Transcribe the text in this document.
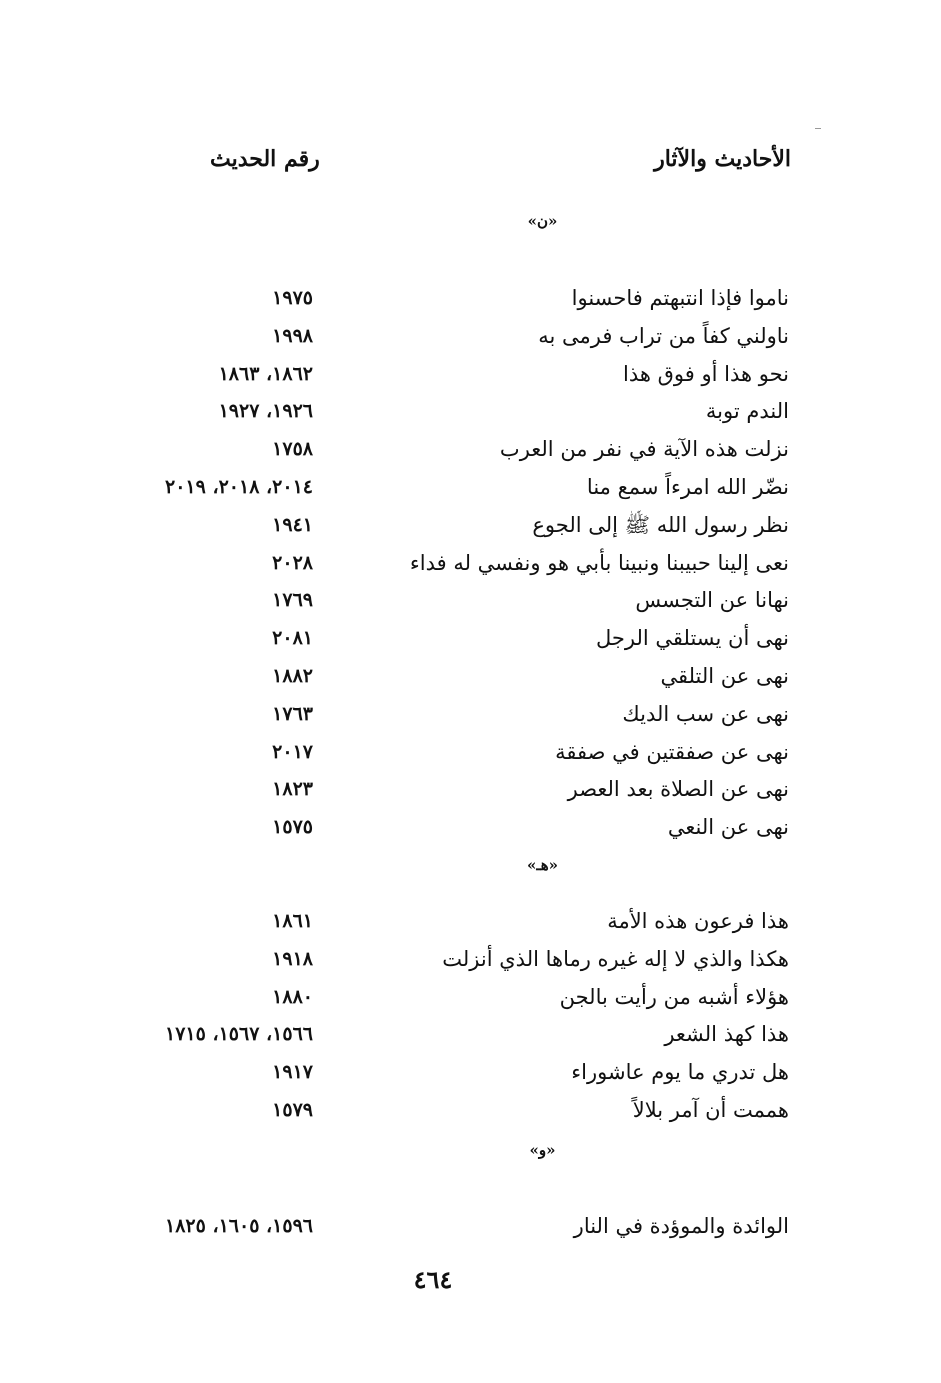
الأحاديث والآثار
رقم الحديث
«ن»
ناموا فإذا انتبهتم فاحسنوا
١٩٧٥
ناولني كفاً من تراب فرمى به
١٩٩٨
نحو هذا أو فوق هذا
١٨٦٢، ١٨٦٣
الندم توبة
١٩٢٦، ١٩٢٧
نزلت هذه الآية في نفر من العرب
١٧٥٨
نضّر الله امرءاً سمع منا
٢٠١٤، ٢٠١٨، ٢٠١٩
نظر رسول الله ﷺ إلى الجوع
١٩٤١
نعى إلينا حبيبنا ونبينا بأبي هو ونفسي له فداء
٢٠٢٨
نهانا عن التجسس
١٧٦٩
نهى أن يستلقي الرجل
٢٠٨١
نهى عن التلقي
١٨٨٢
نهى عن سب الديك
١٧٦٣
نهى عن صفقتين في صفقة
٢٠١٧
نهى عن الصلاة بعد العصر
١٨٢٣
نهى عن النعي
١٥٧٥
«هـ»
هذا فرعون هذه الأمة
١٨٦١
هكذا والذي لا إله غيره رماها الذي أنزلت
١٩١٨
هؤلاء أشبه من رأيت بالجن
١٨٨٠
هذا كهذ الشعر
١٥٦٦، ١٥٦٧، ١٧١٥
هل تدري ما يوم عاشوراء
١٩١٧
هممت أن آمر بلالاً
١٥٧٩
«و»
الوائدة والموؤدة في النار
١٥٩٦، ١٦٠٥، ١٨٢٥
٤٦٤
